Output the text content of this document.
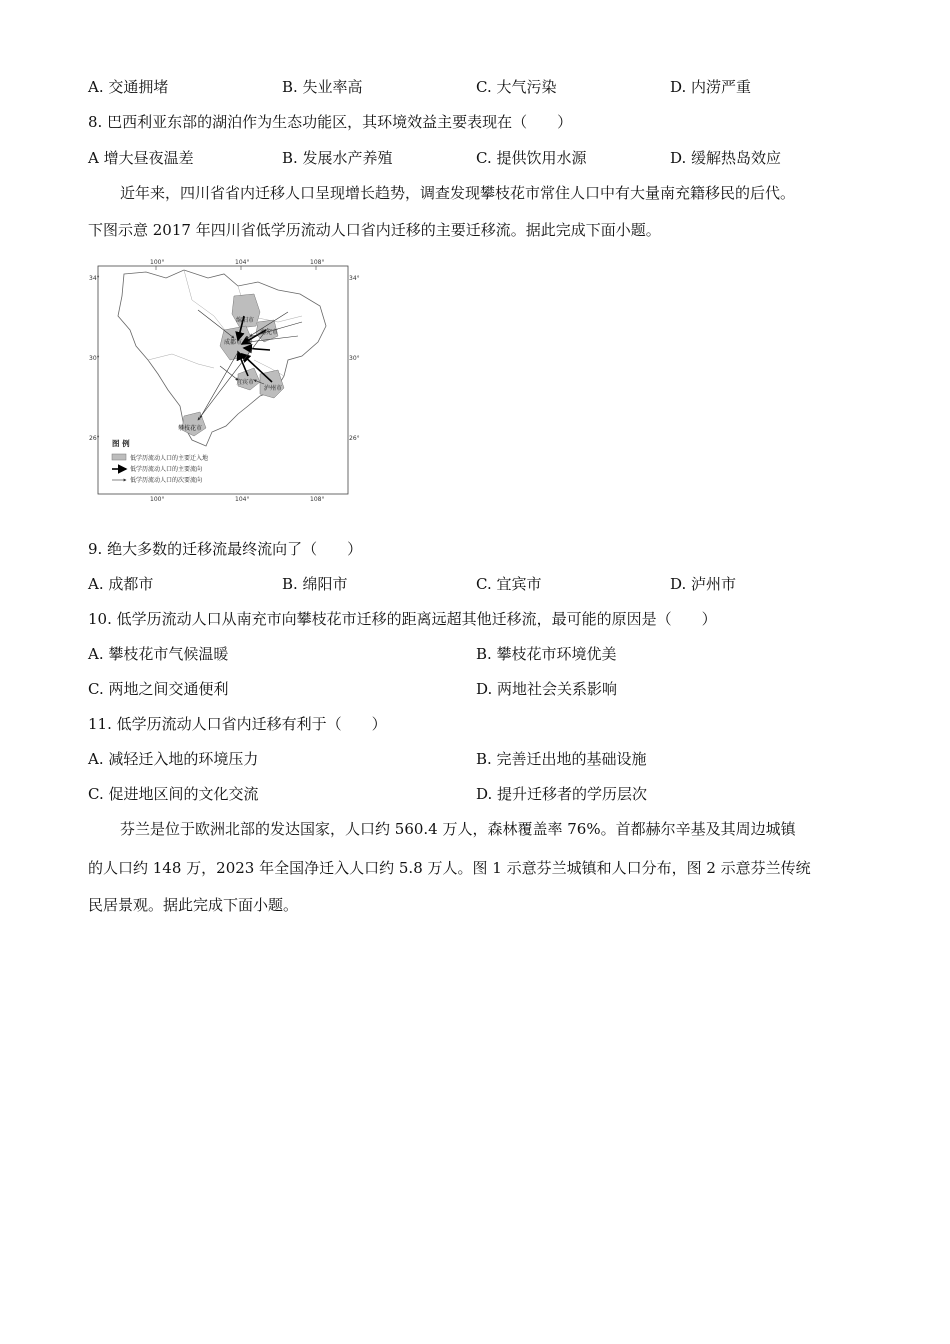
A. 交通拥堵	B. 失业率高	C. 大气污染	D. 内涝严重
8. 巴西利亚东部的湖泊作为生态功能区，其环境效益主要表现在（　　）
A 增大昼夜温差	B. 发展水产养殖	C. 提供饮用水源	D. 缓解热岛效应
近年来，四川省省内迁移人口呈现增长趋势，调查发现攀枝花市常住人口中有大量南充籍移民的后代。
下图示意 2017 年四川省低学历流动人口省内迁移的主要迁移流。据此完成下面小题。
100°	104°	108°
100°	104°	108°
34°
30°
26°
34°
30°
26°
绵阳市
南充市
成都市
宜宾市
泸州市
攀枝花市
图 例
低学历流动人口的主要迁入地
低学历流动人口的主要流向
低学历流动人口的次要流向
9. 绝大多数的迁移流最终流向了（　　）
A. 成都市	B. 绵阳市	C. 宜宾市	D. 泸州市
10. 低学历流动人口从南充市向攀枝花市迁移的距离远超其他迁移流，最可能的原因是（　　）
A. 攀枝花市气候温暖	B. 攀枝花市环境优美
C. 两地之间交通便利	D. 两地社会关系影响
11. 低学历流动人口省内迁移有利于（　　）
A. 减轻迁入地的环境压力	B. 完善迁出地的基础设施
C. 促进地区间的文化交流	D. 提升迁移者的学历层次
芬兰是位于欧洲北部的发达国家，人口约 560.4 万人，森林覆盖率 76%。首都赫尔辛基及其周边城镇
的人口约 148 万，2023 年全国净迁入人口约 5.8 万人。图 1 示意芬兰城镇和人口分布，图 2 示意芬兰传统
民居景观。据此完成下面小题。
